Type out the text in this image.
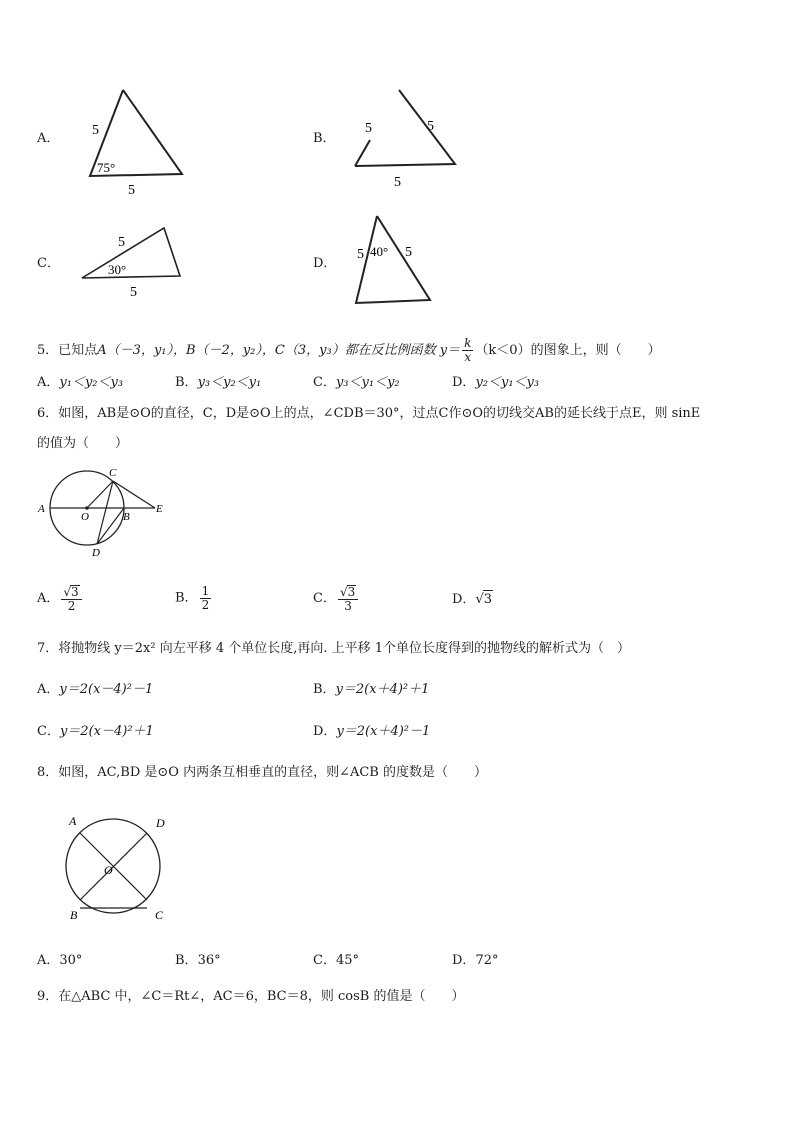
A．
5
75°
5
B．
5	5
5
C．
5
30°
5
D．
5 40° 5
5．已知点A（－3，y₁），B（－2，y₂），C（3，y₃）都在反比例函数 $y= \frac{k}{x} (k<0)$的图象上，则（　　）
A．y₁＜y₂＜y₃	B．y₃＜y₂＜y₁	C．y₃＜y₁＜y₂	D．y₂＜y₁＜y₃
6．如图，AB是⊙O的直径，C，D是⊙O上的点，∠CDB＝30°，过点C作⊙O的切线交AB的延长线于点E，则 sinE
的值为（　　）
A
O	B
C
D
E
A． $\frac{√3}{2}$	B． $\frac{1}{2}$	C． $\frac{√3}{3}$	D．√3
7．将抛物线 y＝2x² 向左平移 4 个单位长度,再向. 上平移 1个单位长度得到的抛物线的解析式为（　）
A．y＝2(x－4)²－1	B．y＝2(x＋4)²＋1
C．y＝2(x－4)²＋1	D．y＝2(x＋4)²－1
8．如图，AC,BD 是⊙O 内两条互相垂直的直径，则∠ACB 的度数是（　　）
A	D
O
B	C
A．30°	B．36°	C．45°	D．72°
9．在△ABC 中，∠C＝Rt∠，AC＝6，BC＝8，则 cosB 的值是（　　）
